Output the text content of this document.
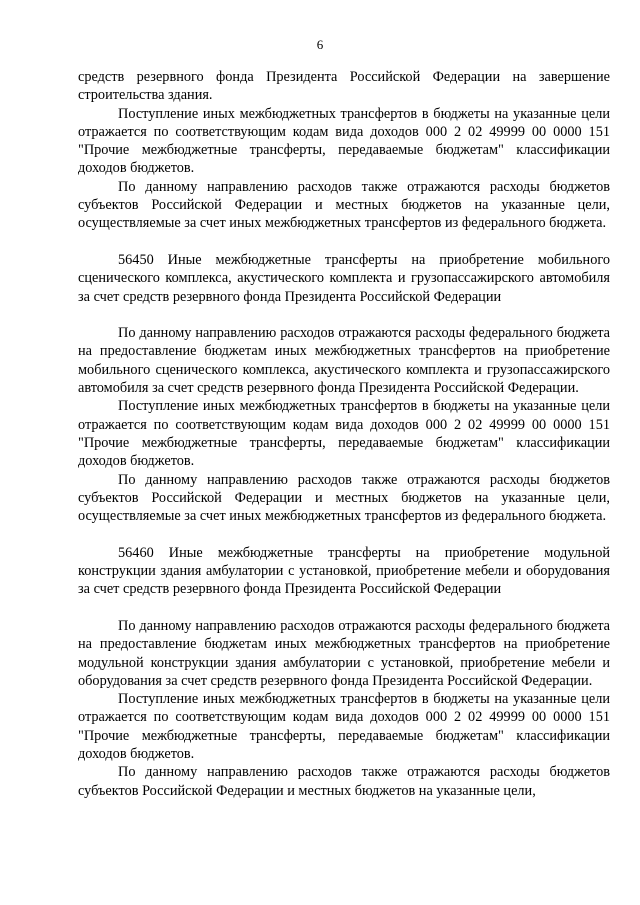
6

средств резервного фонда Президента Российской Федерации на завершение строительства здания.

Поступление иных межбюджетных трансфертов в бюджеты на указанные цели отражается по соответствующим кодам вида доходов 000 2 02 49999 00 0000 151 "Прочие межбюджетные трансферты, передаваемые бюджетам" классификации доходов бюджетов.

По данному направлению расходов также отражаются расходы бюджетов субъектов Российской Федерации и местных бюджетов на указанные цели, осуществляемые за счет иных межбюджетных трансфертов из федерального бюджета.

56450 Иные межбюджетные трансферты на приобретение мобильного сценического комплекса, акустического комплекта и грузопассажирского автомобиля за счет средств резервного фонда Президента Российской Федерации

По данному направлению расходов отражаются расходы федерального бюджета на предоставление бюджетам иных межбюджетных трансфертов на приобретение мобильного сценического комплекса, акустического комплекта и грузопассажирского автомобиля за счет средств резервного фонда Президента Российской Федерации.

Поступление иных межбюджетных трансфертов в бюджеты на указанные цели отражается по соответствующим кодам вида доходов 000 2 02 49999 00 0000 151 "Прочие межбюджетные трансферты, передаваемые бюджетам" классификации доходов бюджетов.

По данному направлению расходов также отражаются расходы бюджетов субъектов Российской Федерации и местных бюджетов на указанные цели, осуществляемые за счет иных межбюджетных трансфертов из федерального бюджета.

56460 Иные межбюджетные трансферты на приобретение модульной конструкции здания амбулатории с установкой, приобретение мебели и оборудования за счет средств резервного фонда Президента Российской Федерации

По данному направлению расходов отражаются расходы федерального бюджета на предоставление бюджетам иных межбюджетных трансфертов на приобретение модульной конструкции здания амбулатории с установкой, приобретение мебели и оборудования за счет средств резервного фонда Президента Российской Федерации.

Поступление иных межбюджетных трансфертов в бюджеты на указанные цели отражается по соответствующим кодам вида доходов 000 2 02 49999 00 0000 151 "Прочие межбюджетные трансферты, передаваемые бюджетам" классификации доходов бюджетов.

По данному направлению расходов также отражаются расходы бюджетов субъектов Российской Федерации и местных бюджетов на указанные цели,
